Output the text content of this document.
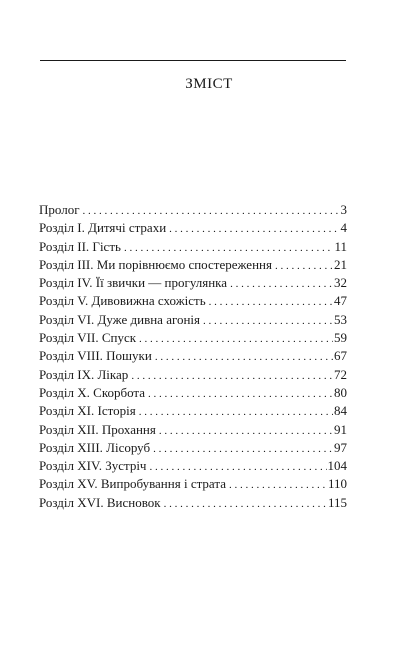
ЗМІСТ
Пролог . . .	3
Розділ I. Дитячі страхи . . .	4
Розділ II. Гість . . .	11
Розділ III. Ми порівнюємо спостереження . . .	21
Розділ IV. Її звички — прогулянка . . .	32
Розділ V. Дивовижна схожість . . .	47
Розділ VI. Дуже дивна агонія . . .	53
Розділ VII. Спуск . . .	59
Розділ VIII. Пошуки . . .	67
Розділ IX. Лікар . . .	72
Розділ X. Скорбота . . .	80
Розділ XI. Історія . . .	84
Розділ XII. Прохання . . .	91
Розділ XIII. Лісоруб . . .	97
Розділ XIV. Зустріч . . .	104
Розділ XV. Випробування і страта . . .	110
Розділ XVI. Висновок . . .	115
